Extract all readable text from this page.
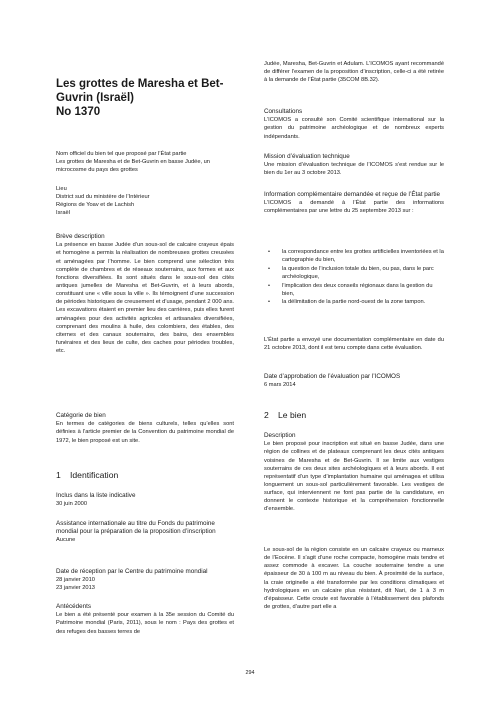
Les grottes de Maresha et Bet-Guvrin (Israël)
No 1370

Nom officiel du bien tel que proposé par l’État partie

Les grottes de Maresha et de Bet-Guvrin en basse Judée, un microcosme du pays des grottes

Lieu

District sud du ministère de l’Intérieur

Régions de Yoav et de Lachish

Israël

Brève description

La présence en basse Judée d’un sous-sol de calcaire crayeux épais et homogène a permis la réalisation de nombreuses grottes creusées et aménagées par l’homme. Le bien comprend une sélection très complète de chambres et de réseaux souterrains, aux formes et aux fonctions diversifiées. Ils sont situés dans le sous-sol des cités antiques jumelles de Maresha et Bet-Guvrin, et à leurs abords, constituant une « ville sous la ville ». Ils témoignent d’une succession de périodes historiques de creusement et d’usage, pendant 2 000 ans. Les excavations étaient en premier lieu des carrières, puis elles furent aménagées pour des activités agricoles et artisanales diversifiées, comprenant des moulins à huile, des colombiers, des étables, des citernes et des canaux souterrains, des bains, des ensembles funéraires et des lieux de culte, des caches pour périodes troubles, etc.

Catégorie de bien

En termes de catégories de biens culturels, telles qu’elles sont définies à l’article premier de la Convention du patrimoine mondial de 1972, le bien proposé est un site.

1 Identification

Inclus dans la liste indicative

30 juin 2000

Assistance internationale au titre du Fonds du patrimoine mondial pour la préparation de la proposition d’inscription

Aucune

Date de réception par le Centre du patrimoine mondial

28 janvier 2010

23 janvier 2013

Antécédents

Le bien a été présenté pour examen à la 35e session du Comité du Patrimoine mondial (Paris, 2011), sous le nom : Pays des grottes et des refuges des basses terres de

Judée, Maresha, Bet-Guvrin et Adulam. L’ICOMOS ayant recommandé de différer l’examen de la proposition d’inscription, celle-ci a été retirée à la demande de l’État partie (35COM 8B.32).

Consultations

L’ICOMOS a consulté son Comité scientifique international sur la gestion du patrimoine archéologique et de nombreux experts indépendants.

Mission d’évaluation technique

Une mission d’évaluation technique de l’ICOMOS s’est rendue sur le bien du 1er au 3 octobre 2013.

Information complémentaire demandée et reçue de l’État partie

L’ICOMOS a demandé à l’État partie des informations complémentaires par une lettre du 25 septembre 2013 sur :

• la correspondance entre les grottes artificielles inventoriées et la cartographie du bien,

• la question de l’inclusion totale du bien, ou pas, dans le parc archéologique,

• l’implication des deux conseils régionaux dans la gestion du bien,

• la délimitation de la partie nord-ouest de la zone tampon.

L’État partie a envoyé une documentation complémentaire en date du 21 octobre 2013, dont il est tenu compte dans cette évaluation.

Date d’approbation de l’évaluation par l’ICOMOS

6 mars 2014

2 Le bien

Description

Le bien proposé pour inscription est situé en basse Judée, dans une région de collines et de plateaux comprenant les deux cités antiques voisines de Maresha et de Bet-Guvrin. Il se limite aux vestiges souterrains de ces deux sites archéologiques et à leurs abords. Il est représentatif d’un type d’implantation humaine qui aménagea et utilisa longuement un sous-sol particulièrement favorable. Les vestiges de surface, qui interviennent ne font pas partie de la candidature, en donnent le contexte historique et la compréhension fonctionnelle d’ensemble.

Le sous-sol de la région consiste en un calcaire crayeux ou marneux de l’Eocène. Il s’agit d’une roche compacte, homogène mais tendre et assez commode à excaver. La couche souterraine tendre a une épaisseur de 30 à 100 m au niveau du bien. À proximité de la surface, la craie originelle a été transformée par les conditions climatiques et hydrologiques en un calcaire plus résistant, dit Nari, de 1 à 3 m d’épaisseur. Cette croute est favorable à l’établissement des plafonds de grottes, d’autre part elle a

294
